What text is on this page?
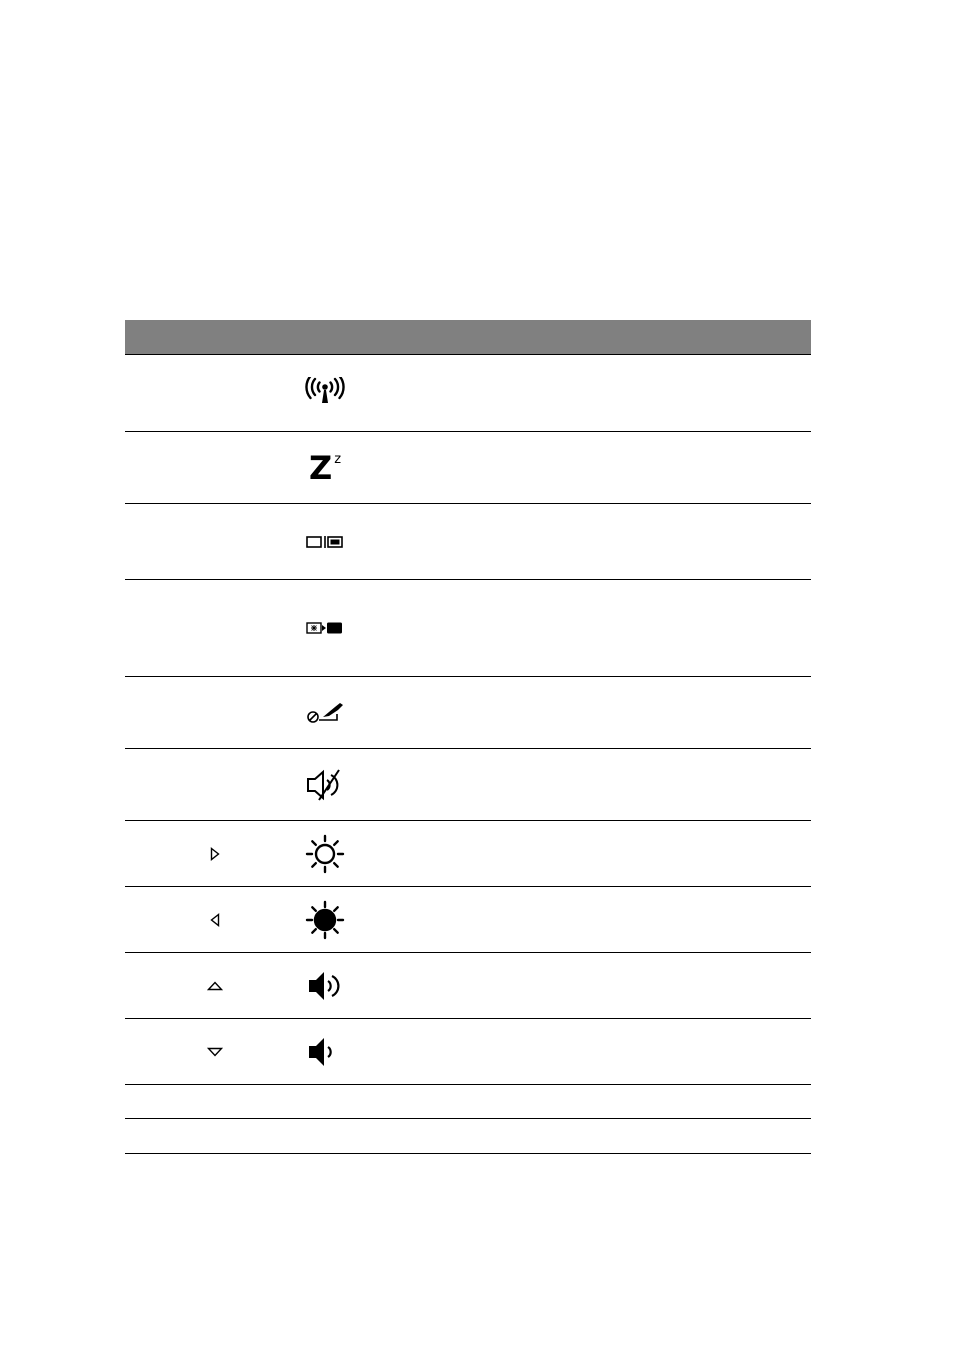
Z $^z$
